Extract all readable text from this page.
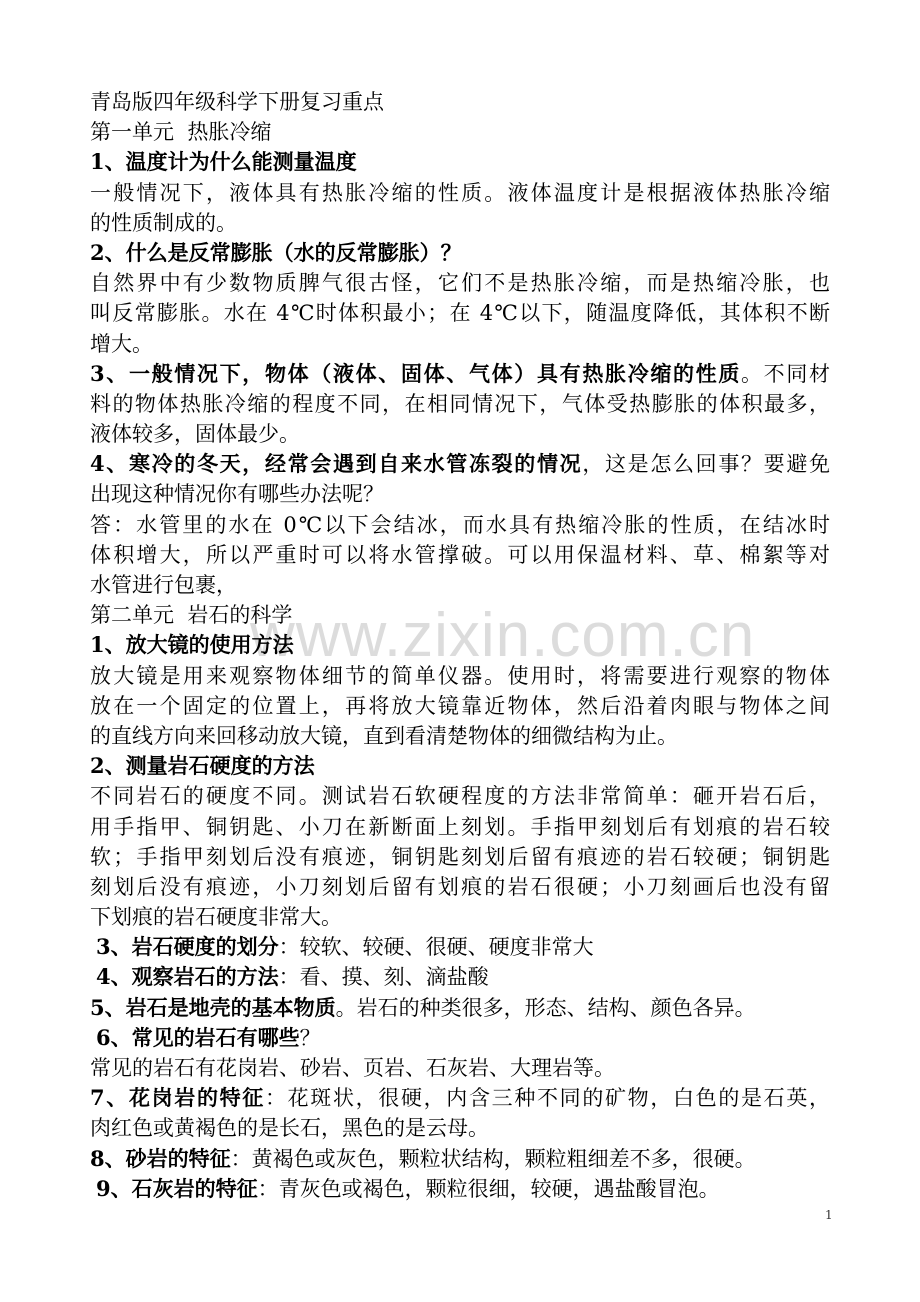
www.zixin.com.cn
青岛版四年级科学下册复习重点
第一单元  热胀冷缩
1、温度计为什么能测量温度
一般情况下，液体具有热胀冷缩的性质。液体温度计是根据液体热胀冷缩
的性质制成的。
2、什么是反常膨胀（水的反常膨胀）？
自然界中有少数物质脾气很古怪，它们不是热胀冷缩，而是热缩冷胀，也
叫反常膨胀。水在 4℃时体积最小；在 4℃以下，随温度降低，其体积不断
增大。
3、一般情况下，物体（液体、固体、气体）具有热胀冷缩的性质。不同材
料的物体热胀冷缩的程度不同，在相同情况下，气体受热膨胀的体积最多，
液体较多，固体最少。
4、寒冷的冬天，经常会遇到自来水管冻裂的情况，这是怎么回事？要避免
出现这种情况你有哪些办法呢？
答：水管里的水在 0℃以下会结冰，而水具有热缩冷胀的性质，在结冰时
体积增大，所以严重时可以将水管撑破。可以用保温材料、草、棉絮等对
水管进行包裹，
第二单元  岩石的科学
1、放大镜的使用方法
放大镜是用来观察物体细节的简单仪器。使用时，将需要进行观察的物体
放在一个固定的位置上，再将放大镜靠近物体，然后沿着肉眼与物体之间
的直线方向来回移动放大镜，直到看清楚物体的细微结构为止。
2、测量岩石硬度的方法
不同岩石的硬度不同。测试岩石软硬程度的方法非常简单：砸开岩石后，
用手指甲、铜钥匙、小刀在新断面上刻划。手指甲刻划后有划痕的岩石较
软；手指甲刻划后没有痕迹，铜钥匙刻划后留有痕迹的岩石较硬；铜钥匙
刻划后没有痕迹，小刀刻划后留有划痕的岩石很硬；小刀刻画后也没有留
下划痕的岩石硬度非常大。
3、岩石硬度的划分：较软、较硬、很硬、硬度非常大
4、观察岩石的方法：看、摸、刻、滴盐酸
5、岩石是地壳的基本物质。岩石的种类很多，形态、结构、颜色各异。
6、常见的岩石有哪些？
常见的岩石有花岗岩、砂岩、页岩、石灰岩、大理岩等。
7、花岗岩的特征：花斑状，很硬，内含三种不同的矿物，白色的是石英，
肉红色或黄褐色的是长石，黑色的是云母。
8、砂岩的特征：黄褐色或灰色，颗粒状结构，颗粒粗细差不多，很硬。
9、石灰岩的特征：青灰色或褐色，颗粒很细，较硬，遇盐酸冒泡。
1
